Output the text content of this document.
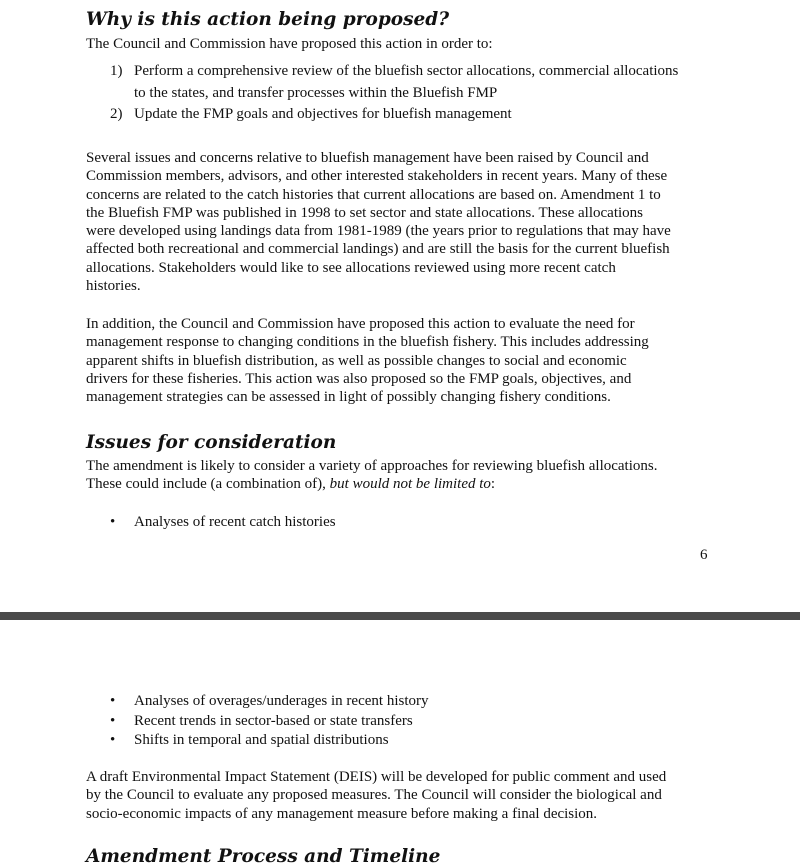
Why is this action being proposed?

The Council and Commission have proposed this action in order to:

1) Perform a comprehensive review of the bluefish sector allocations, commercial allocations
to the states, and transfer processes within the Bluefish FMP
2) Update the FMP goals and objectives for bluefish management

Several issues and concerns relative to bluefish management have been raised by Council and
Commission members, advisors, and other interested stakeholders in recent years. Many of these
concerns are related to the catch histories that current allocations are based on. Amendment 1 to
the Bluefish FMP was published in 1998 to set sector and state allocations. These allocations
were developed using landings data from 1981-1989 (the years prior to regulations that may have
affected both recreational and commercial landings) and are still the basis for the current bluefish
allocations. Stakeholders would like to see allocations reviewed using more recent catch
histories.

In addition, the Council and Commission have proposed this action to evaluate the need for
management response to changing conditions in the bluefish fishery. This includes addressing
apparent shifts in bluefish distribution, as well as possible changes to social and economic
drivers for these fisheries. This action was also proposed so the FMP goals, objectives, and
management strategies can be assessed in light of possibly changing fishery conditions.

Issues for consideration

The amendment is likely to consider a variety of approaches for reviewing bluefish allocations.
These could include (a combination of), but would not be limited to:

•	Analyses of recent catch histories
6
•	Analyses of overages/underages in recent history
•	Recent trends in sector-based or state transfers
•	Shifts in temporal and spatial distributions

A draft Environmental Impact Statement (DEIS) will be developed for public comment and used
by the Council to evaluate any proposed measures. The Council will consider the biological and
socio-economic impacts of any management measure before making a final decision.

Amendment Process and Timeline
